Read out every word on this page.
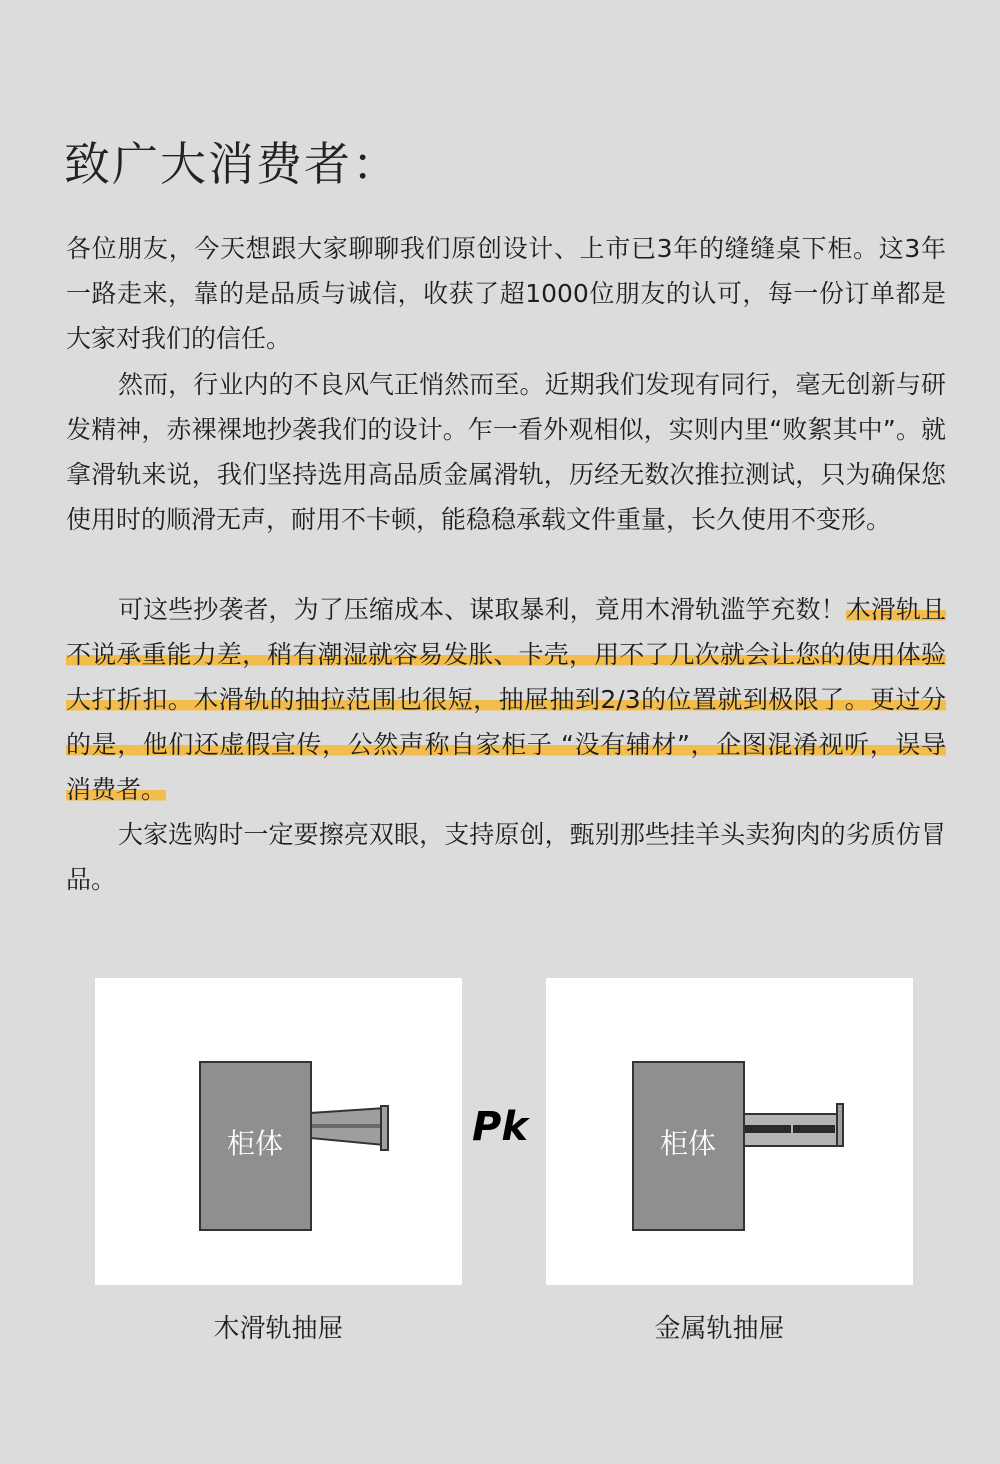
致广大消费者：

各位朋友，今天想跟大家聊聊我们原创设计、上市已3年的缝缝桌下柜。这3年一路走来，靠的是品质与诚信，收获了超1000位朋友的认可，每一份订单都是大家对我们的信任。

然而，行业内的不良风气正悄然而至。近期我们发现有同行，毫无创新与研发精神，赤裸裸地抄袭我们的设计。乍一看外观相似，实则内里“败絮其中”。就拿滑轨来说，我们坚持选用高品质金属滑轨，历经无数次推拉测试，只为确保您使用时的顺滑无声，耐用不卡顿，能稳稳承载文件重量，长久使用不变形。

可这些抄袭者，为了压缩成本、谋取暴利，竟用木滑轨滥竽充数！木滑轨且不说承重能力差，稍有潮湿就容易发胀、卡壳，用不了几次就会让您的使用体验大打折扣。木滑轨的抽拉范围也很短，抽屉抽到2/3的位置就到极限了。更过分的是，他们还虚假宣传，公然声称自家柜子 “没有辅材”，企图混淆视听，误导消费者。

大家选购时一定要擦亮双眼，支持原创，甄别那些挂羊头卖狗肉的劣质仿冒品。

柜体	Pk	柜体
木滑轨抽屉	金属轨抽屉
